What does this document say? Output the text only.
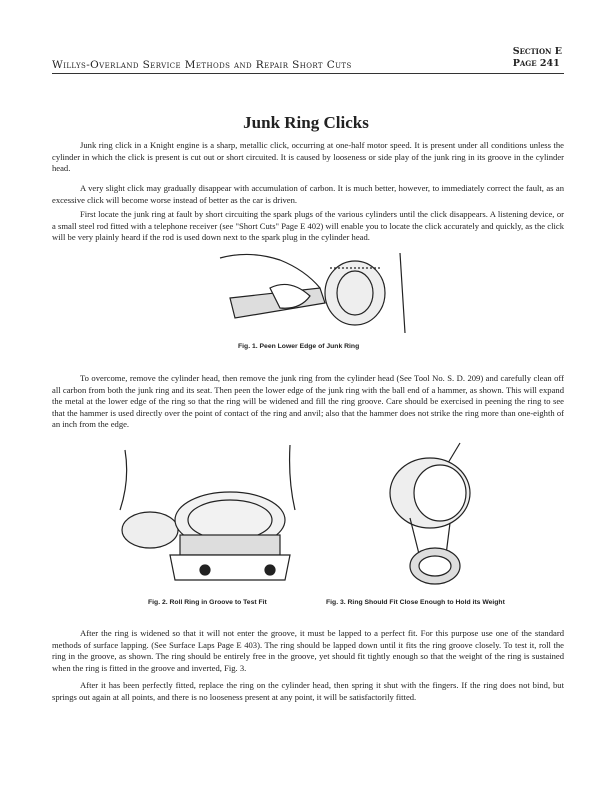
Willys-Overland Service Methods and Repair Short Cuts
Section E
Page 241
Junk Ring Clicks
Junk ring click in a Knight engine is a sharp, metallic click, occurring at one-half motor speed. It is present under all conditions unless the cylinder in which the click is present is cut out or short circuited. It is caused by looseness or side play of the junk ring in its groove in the cylinder head.
A very slight click may gradually disappear with accumulation of carbon. It is much better, however, to immediately correct the fault, as an excessive click will become worse instead of better as the car is driven.
First locate the junk ring at fault by short circuiting the spark plugs of the various cylinders until the click disappears. A listening device, or a small steel rod fitted with a telephone receiver (see "Short Cuts" Page E 402) will enable you to locate the click accurately and quickly, as the click will be very plainly heard if the rod is used down next to the spark plug in the cylinder head.
Fig. 1. Peen Lower Edge of Junk Ring
To overcome, remove the cylinder head, then remove the junk ring from the cylinder head (See Tool No. S. D. 209) and carefully clean off all carbon from both the junk ring and its seat. Then peen the lower edge of the junk ring with the ball end of a hammer, as shown. This will expand the metal at the lower edge of the ring so that the ring will be widened and fill the ring groove. Care should be exercised in peening the ring to see that the hammer is used directly over the point of contact of the ring and anvil; also that the hammer does not strike the ring more than one-eighth of an inch from the edge.
Fig. 2. Roll Ring in Groove to Test Fit	Fig. 3. Ring Should Fit Close Enough to Hold its Weight
After the ring is widened so that it will not enter the groove, it must be lapped to a perfect fit. For this purpose use one of the standard methods of surface lapping. (See Surface Laps Page E 403). The ring should be lapped down until it fits the ring groove closely. To test it, roll the ring in the groove, as shown. The ring should be entirely free in the groove, yet should fit tightly enough so that the weight of the ring is sustained when the ring is fitted in the groove and inverted, Fig. 3.
After it has been perfectly fitted, replace the ring on the cylinder head, then spring it shut with the fingers. If the ring does not bind, but springs out again at all points, and there is no looseness present at any point, it will be satisfactorily fitted.
